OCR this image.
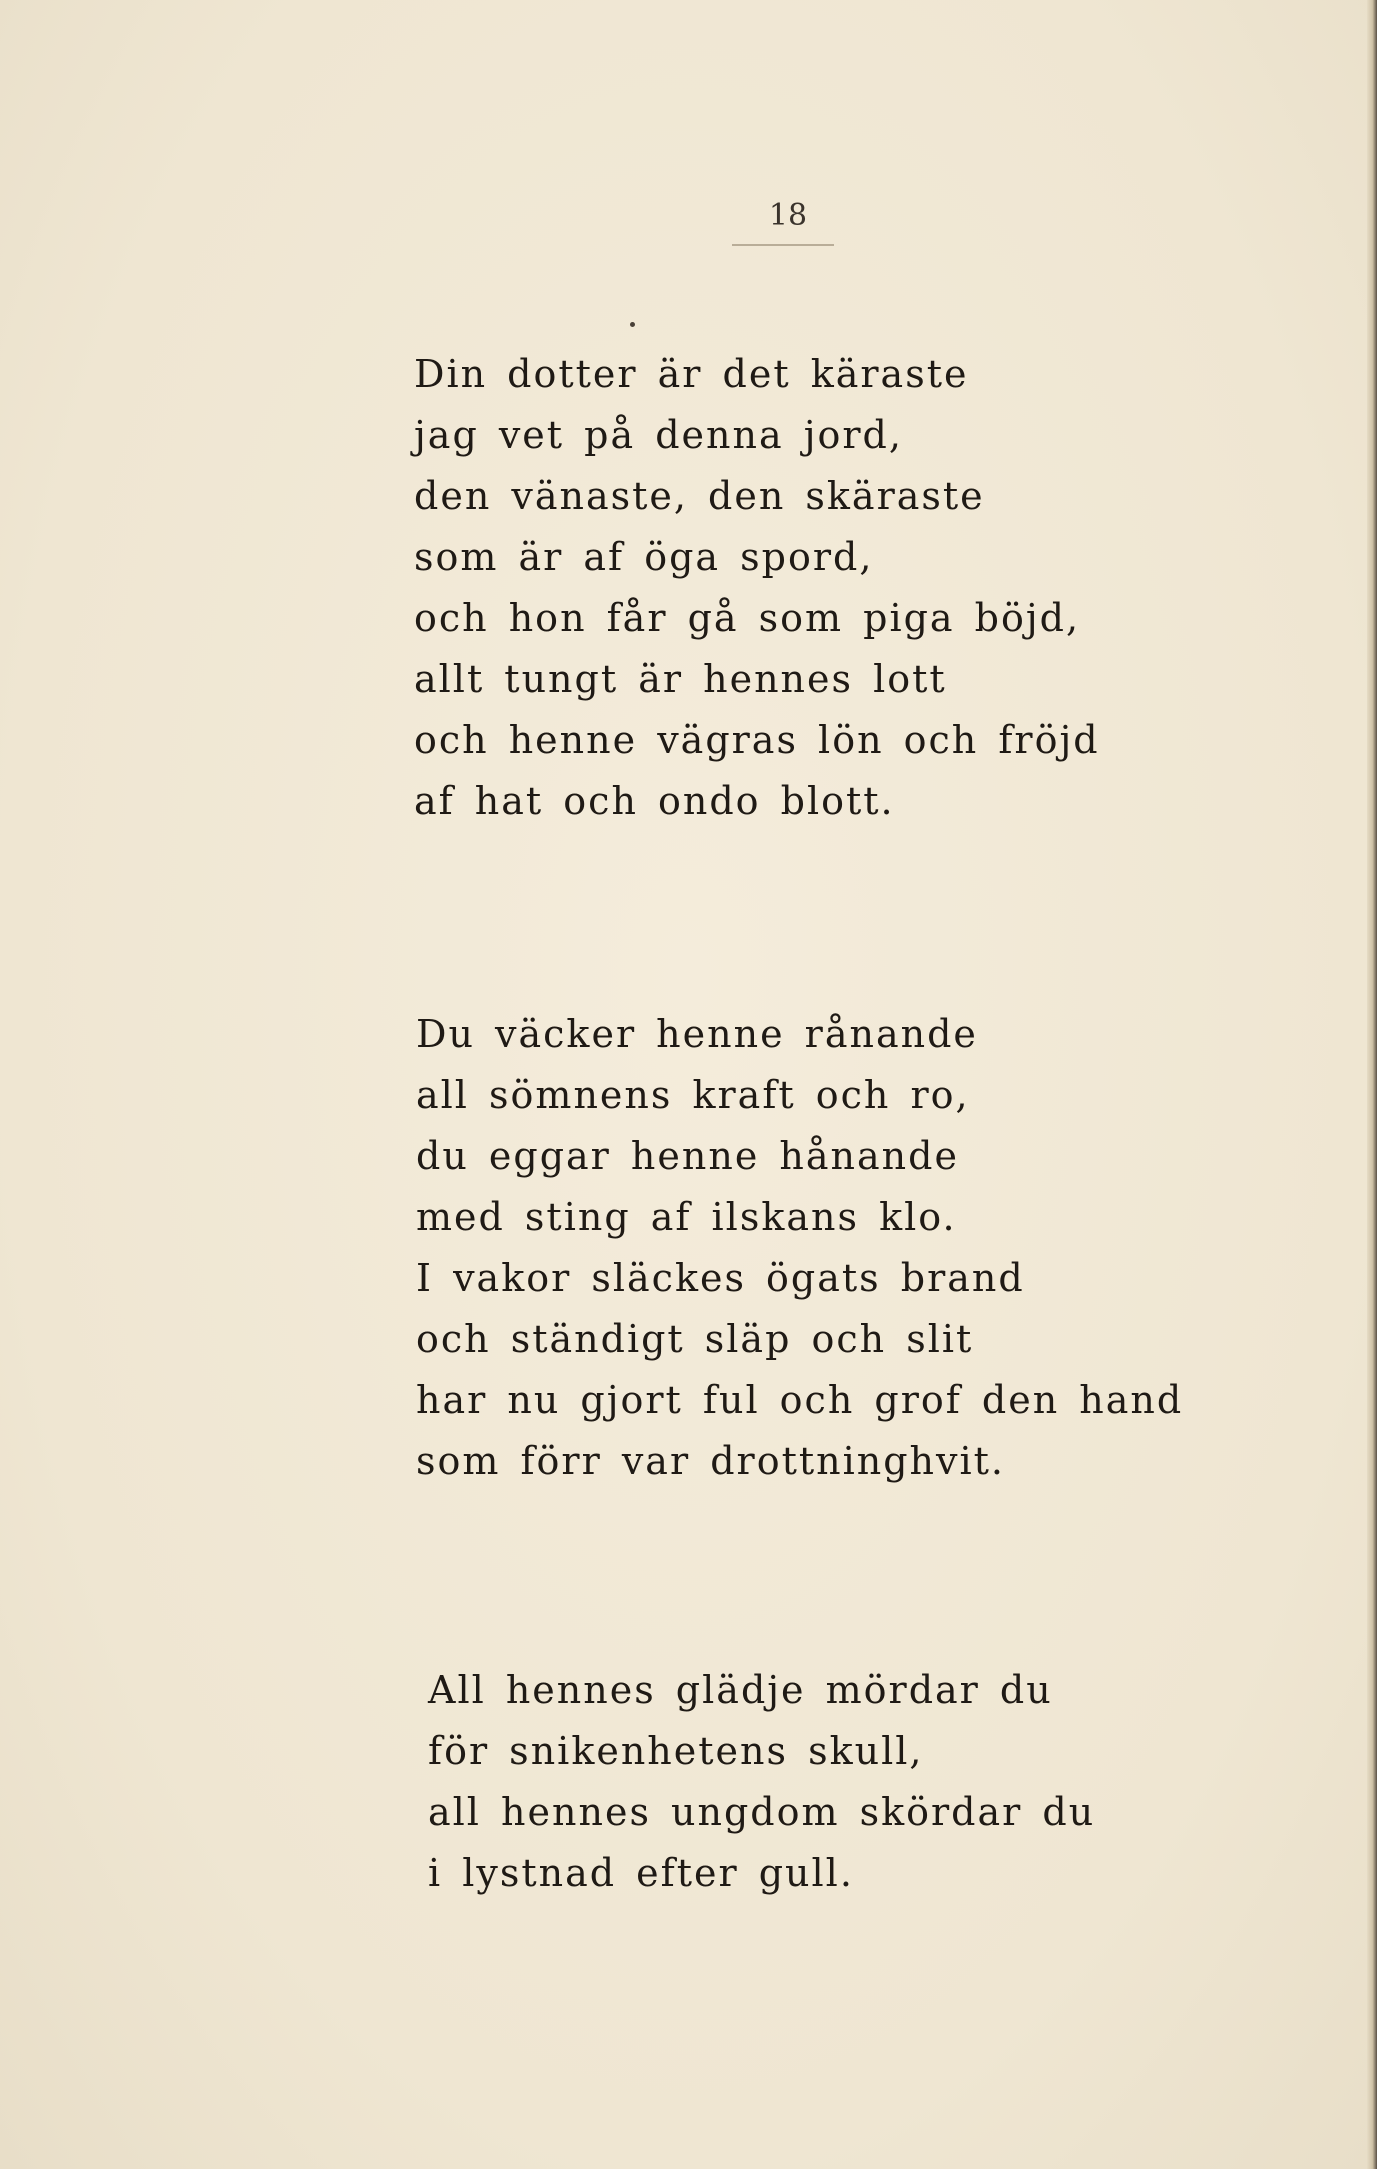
18
Din dotter är det käraste
jag vet på denna jord,
den vänaste, den skäraste
som är af öga spord,
och hon får gå som piga böjd,
allt tungt är hennes lott
och henne vägras lön och fröjd
af hat och ondo blott.
Du väcker henne rånande
all sömnens kraft och ro,
du eggar henne hånande
med sting af ilskans klo.
I vakor släckes ögats brand
och ständigt släp och slit
har nu gjort ful och grof den hand
som förr var drottninghvit.
All hennes glädje mördar du
för snikenhetens skull,
all hennes ungdom skördar du
i lystnad efter gull.
